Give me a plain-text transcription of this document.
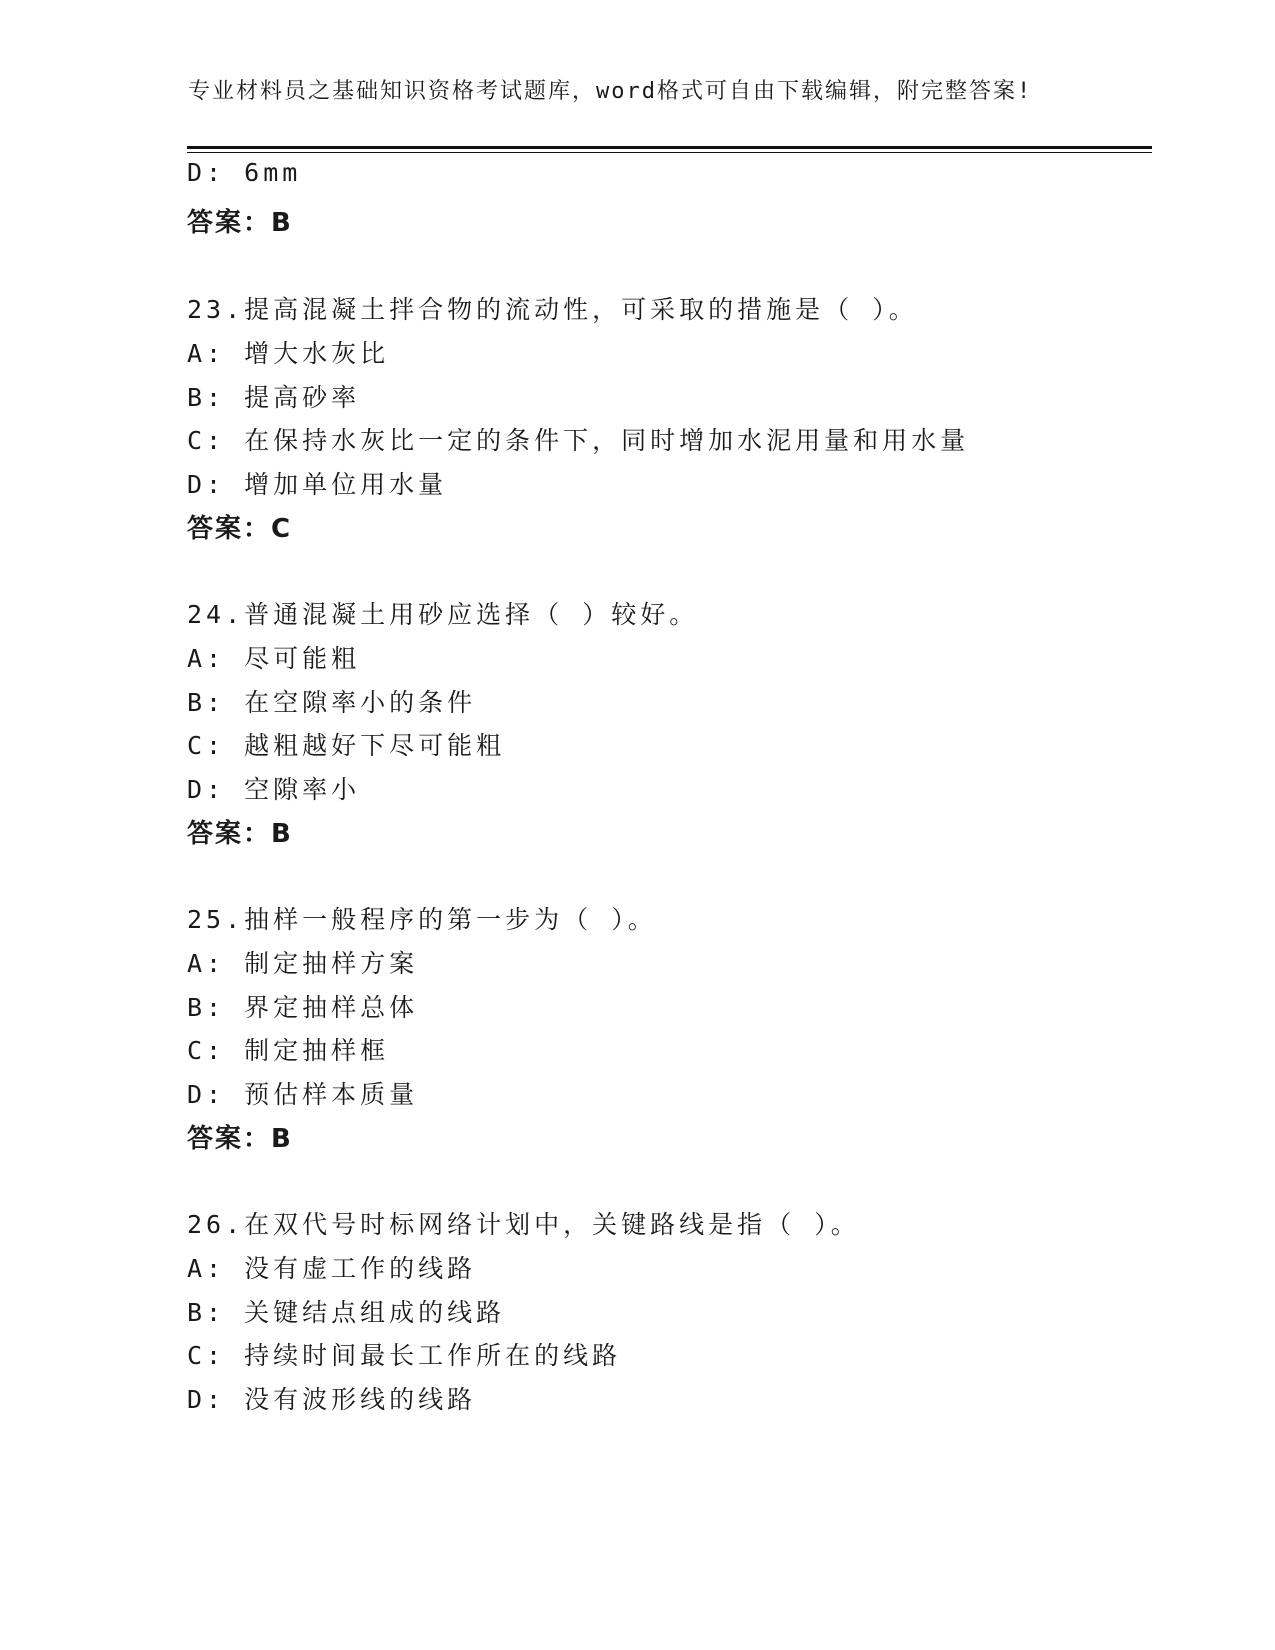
专业材料员之基础知识资格考试题库，word格式可自由下载编辑，附完整答案!
D: 6mm
答案：B
23.提高混凝土拌合物的流动性，可采取的措施是（ ）。
A: 增大水灰比
B: 提高砂率
C: 在保持水灰比一定的条件下，同时增加水泥用量和用水量
D: 增加单位用水量
答案：C
24.普通混凝土用砂应选择（ ）较好。
A: 尽可能粗
B: 在空隙率小的条件
C: 越粗越好下尽可能粗
D: 空隙率小
答案：B
25.抽样一般程序的第一步为（ ）。
A: 制定抽样方案
B: 界定抽样总体
C: 制定抽样框
D: 预估样本质量
答案：B
26.在双代号时标网络计划中，关键路线是指（ ）。
A: 没有虚工作的线路
B: 关键结点组成的线路
C: 持续时间最长工作所在的线路
D: 没有波形线的线路
